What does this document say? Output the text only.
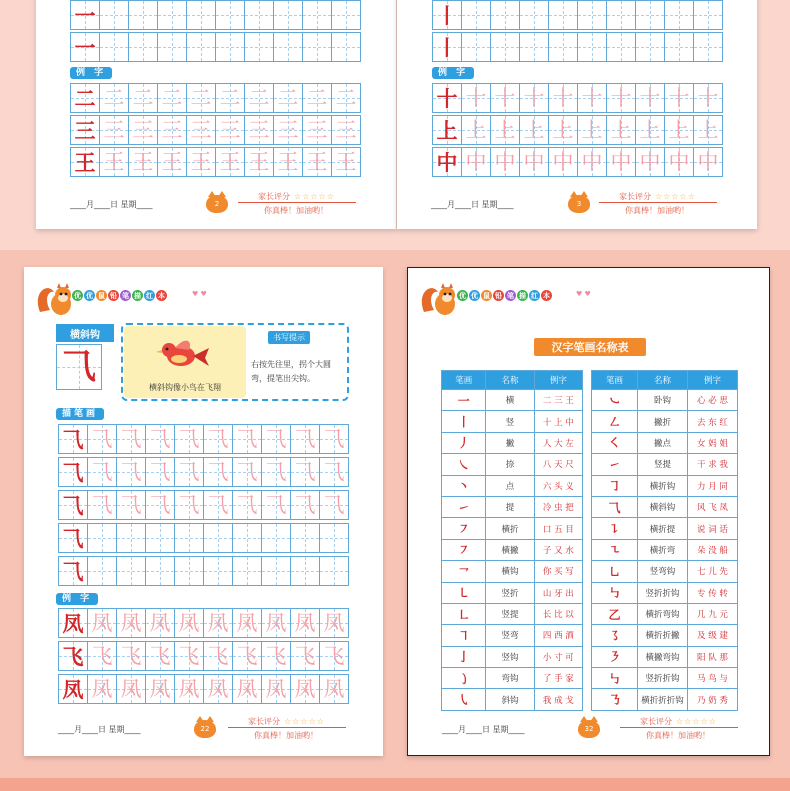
优 优 鼠 铅 笔 描 红 本	♥ ♥
横斜钩
⺄
横斜钩像小鸟在飞翔
书写提示
右按先往里，拐个大圆弯，提笔出尖钩。
描笔画
例 字
优 优 鼠 铅 笔 描 红 本	♥ ♥
汉字笔画名称表
笔画	名称	例字
一	横	二 三 王
丨	竖	十 上 中
丿	撇	人 大 左
㇏	捺	八 天 尺
丶	点	六 头 义
㇀	提	冷 虫 把
㇇	横折	口 五 目
㇇	横撇	子 又 水
㇖	横钩	你 买 写
㇄	竖折	山 牙 出
㇗	竖提	长 比 以
㇕	竖弯	四 西 酒
亅	竖钩	小 寸 可
㇁	弯钩	了 手 家
㇂	斜钩	我 成 戈
笔画	名称	例字
㇃	卧钩	心 必 思
㇜	撇折	去 东 红
㇛	撇点	女 妈 姐
㇀	竖提	干 求 我
㇆	横折钩	力 月 同
⺄	横斜钩	风 飞 凤
㇊	横折提	说 词 话
㇍	横折弯	朵 没 船
㇟	竖弯钩	七 儿 先
㇉	竖折折钩	专 传 转
乙	横折弯钩	几 九 元
㇌	横折折撇	及 级 建
㇋	横撇弯钩	阳 队 那
㇉	竖折折钩	马 鸟 与
㇡	横折折折钩	乃 奶 秀
一
一
例 字
二 二 二 二 二 二 二 二 二 二
三 三 三 三 三 三 三 三 三 三
王 王 王 王 王 王 王 王 王 王
丨
丨
例 字
十 十 十 十 十 十 十 十 十 十
上 上 上 上 上 上 上 上 上 上
中 中 中 中 中 中 中 中 中 中
⺄ ⺄ ⺄ ⺄ ⺄ ⺄ ⺄ ⺄ ⺄ ⺄
⺄ ⺄ ⺄ ⺄ ⺄ ⺄ ⺄ ⺄ ⺄ ⺄
⺄ ⺄ ⺄ ⺄ ⺄ ⺄ ⺄ ⺄ ⺄ ⺄
⺄
⺄
凤 凤 凤 凤 凤 凤 凤 凤 凤 凤
飞 飞 飞 飞 飞 飞 飞 飞 飞 飞
凤 凤 凤 凤 凤 凤 凤 凤 凤 凤
____月____日 星期____	2
家长评分 ☆☆☆☆☆
你真棒！加油哟！
____月____日 星期____	3
家长评分 ☆☆☆☆☆
你真棒！加油哟！
____月____日 星期____	22
家长评分 ☆☆☆☆☆
你真棒！加油哟！
____月____日 星期____	32
家长评分 ☆☆☆☆☆
你真棒！加油哟！
